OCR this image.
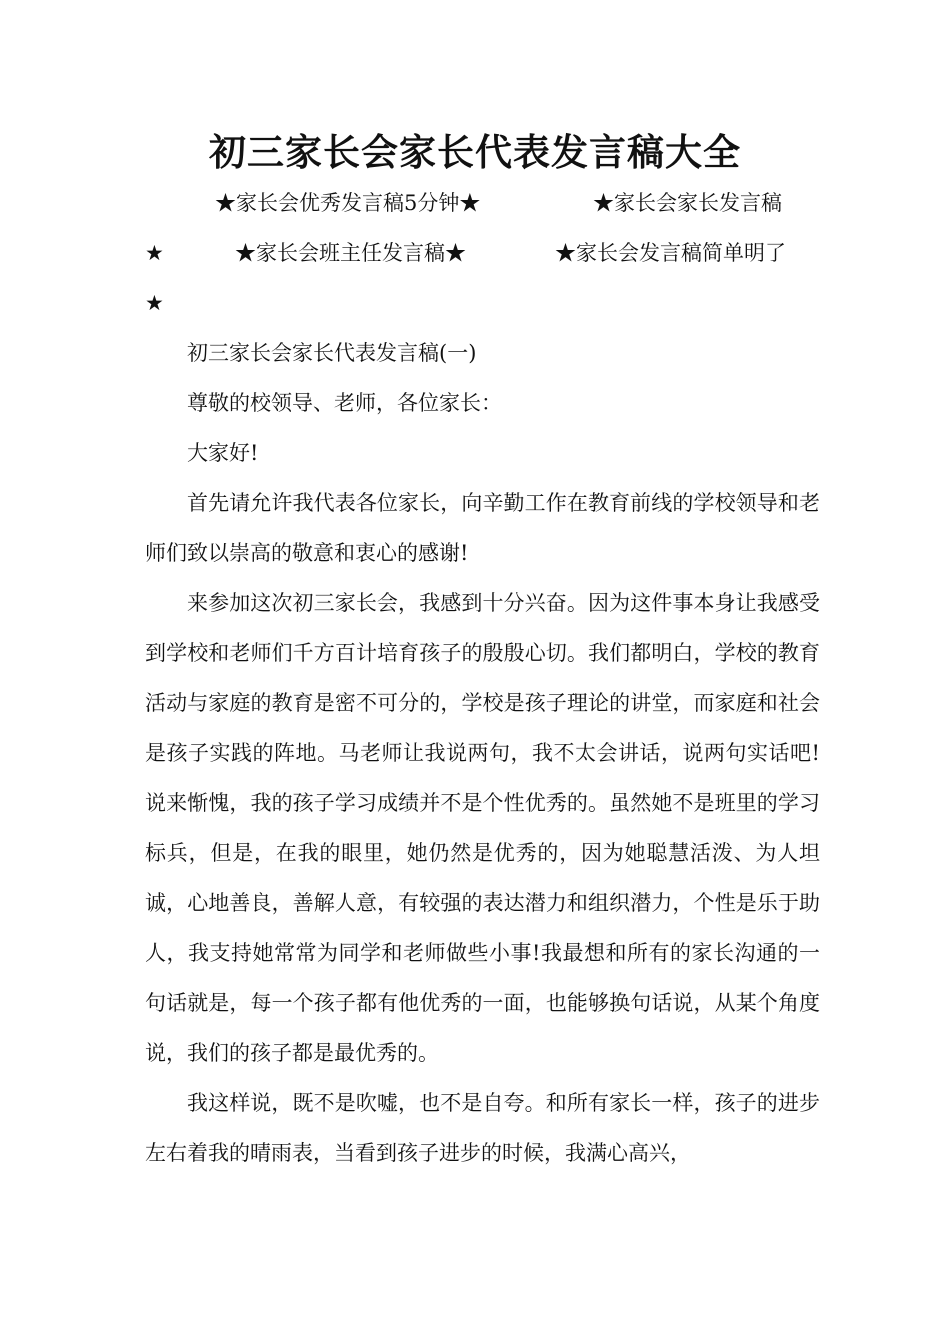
初三家长会家长代表发言稿大全
★家长会优秀发言稿5分钟★	★家长会家长发言稿
★	★家长会班主任发言稿★	★家长会发言稿简单明了
★

初三家长会家长代表发言稿(一)

尊敬的校领导、老师，各位家长：

大家好!

首先请允许我代表各位家长，向辛勤工作在教育前线的学校领导和老师们致以崇高的敬意和衷心的感谢!

来参加这次初三家长会，我感到十分兴奋。因为这件事本身让我感受到学校和老师们千方百计培育孩子的殷殷心切。我们都明白，学校的教育活动与家庭的教育是密不可分的，学校是孩子理论的讲堂，而家庭和社会是孩子实践的阵地。马老师让我说两句，我不太会讲话，说两句实话吧!说来惭愧，我的孩子学习成绩并不是个性优秀的。虽然她不是班里的学习标兵，但是，在我的眼里，她仍然是优秀的，因为她聪慧活泼、为人坦诚，心地善良，善解人意，有较强的表达潜力和组织潜力，个性是乐于助人，我支持她常常为同学和老师做些小事!我最想和所有的家长沟通的一句话就是，每一个孩子都有他优秀的一面，也能够换句话说，从某个角度说，我们的孩子都是最优秀的。

我这样说，既不是吹嘘，也不是自夸。和所有家长一样，孩子的进步左右着我的晴雨表，当看到孩子进步的时候，我满心高兴，
